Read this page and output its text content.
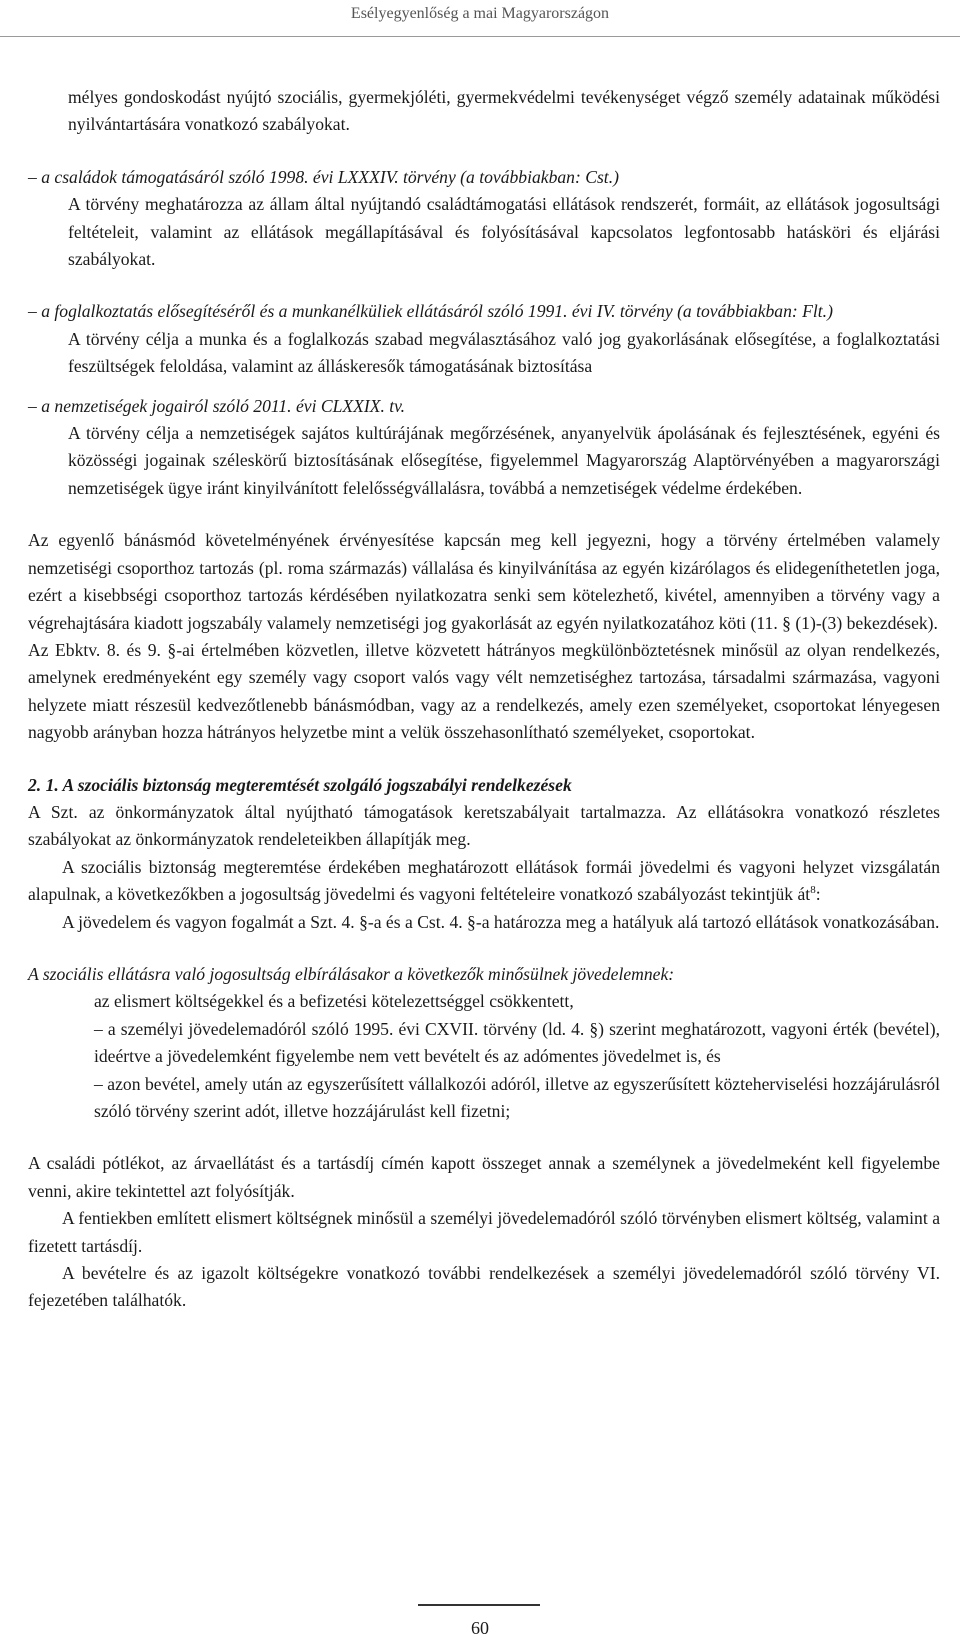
Esélyegyenlőség a mai Magyarországon

mélyes gondoskodást nyújtó szociális, gyermekjóléti, gyermekvédelmi tevékenységet végző személy adatainak működési nyilvántartására vonatkozó szabályokat.

– a családok támogatásáról szóló 1998. évi LXXXIV. törvény (a továbbiakban: Cst.)

A törvény meghatározza az állam által nyújtandó családtámogatási ellátások rendszerét, formáit, az ellátások jogosultsági feltételeit, valamint az ellátások megállapításával és folyósításával kapcsolatos legfontosabb hatásköri és eljárási szabályokat.

– a foglalkoztatás elősegítéséről és a munkanélküliek ellátásáról szóló 1991. évi IV. törvény (a továbbiakban: Flt.)

A törvény célja a munka és a foglalkozás szabad megválasztásához való jog gyakorlásának elősegítése, a foglalkoztatási feszültségek feloldása, valamint az álláskeresők támogatásának biztosítása

– a nemzetiségek jogairól szóló 2011. évi CLXXIX. tv.

A törvény célja a nemzetiségek sajátos kultúrájának megőrzésének, anyanyelvük ápolásának és fejlesztésének, egyéni és közösségi jogainak széleskörű biztosításának elősegítése, figyelemmel Magyarország Alaptörvényében a magyarországi nemzetiségek ügye iránt kinyilvánított felelősségvállalásra, továbbá a nemzetiségek védelme érdekében.

Az egyenlő bánásmód követelményének érvényesítése kapcsán meg kell jegyezni, hogy a törvény értelmében valamely nemzetiségi csoporthoz tartozás (pl. roma származás) vállalása és kinyilvánítása az egyén kizárólagos és elidegeníthetetlen joga, ezért a kisebbségi csoporthoz tartozás kérdésében nyilatkozatra senki sem kötelezhető, kivétel, amennyiben a törvény vagy a végrehajtására kiadott jogszabály valamely nemzetiségi jog gyakorlását az egyén nyilatkozatához köti (11. § (1)-(3) bekezdések).

Az Ebktv. 8. és 9. §-ai értelmében közvetlen, illetve közvetett hátrányos megkülönböztetésnek minősül az olyan rendelkezés, amelynek eredményeként egy személy vagy csoport valós vagy vélt nemzetiséghez tartozása, társadalmi származása, vagyoni helyzete miatt részesül kedvezőtlenebb bánásmódban, vagy az a rendelkezés, amely ezen személyeket, csoportokat lényegesen nagyobb arányban hozza hátrányos helyzetbe mint a velük összehasonlítható személyeket, csoportokat.

2. 1. A szociális biztonság megteremtését szolgáló jogszabályi rendelkezések

A Szt. az önkormányzatok által nyújtható támogatások keretszabályait tartalmazza. Az ellátásokra vonatkozó részletes szabályokat az önkormányzatok rendeleteikben állapítják meg.

A szociális biztonság megteremtése érdekében meghatározott ellátások formái jövedelmi és vagyoni helyzet vizsgálatán alapulnak, a következőkben a jogosultság jövedelmi és vagyoni feltételeire vonatkozó szabályozást tekintjük $át^8$:

A jövedelem és vagyon fogalmát a Szt. 4. §-a és a Cst. 4. §-a határozza meg a hatályuk alá tartozó ellátások vonatkozásában.

A szociális ellátásra való jogosultság elbírálásakor a következők minősülnek jövedelemnek:

az elismert költségekkel és a befizetési kötelezettséggel csökkentett,

– a személyi jövedelemadóról szóló 1995. évi CXVII. törvény (ld. 4. §) szerint meghatározott, vagyoni érték (bevétel), ideértve a jövedelemként figyelembe nem vett bevételt és az adómentes jövedelmet is, és

– azon bevétel, amely után az egyszerűsített vállalkozói adóról, illetve az egyszerűsített közteherviselési hozzájárulásról szóló törvény szerint adót, illetve hozzájárulást kell fizetni;

A családi pótlékot, az árvaellátást és a tartásdíj címén kapott összeget annak a személynek a jövedelmeként kell figyelembe venni, akire tekintettel azt folyósítják.

A fentiekben említett elismert költségnek minősül a személyi jövedelemadóról szóló törvényben elismert költség, valamint a fizetett tartásdíj.

A bevételre és az igazolt költségekre vonatkozó további rendelkezések a személyi jövedelemadóról szóló törvény VI. fejezetében találhatók.

60
